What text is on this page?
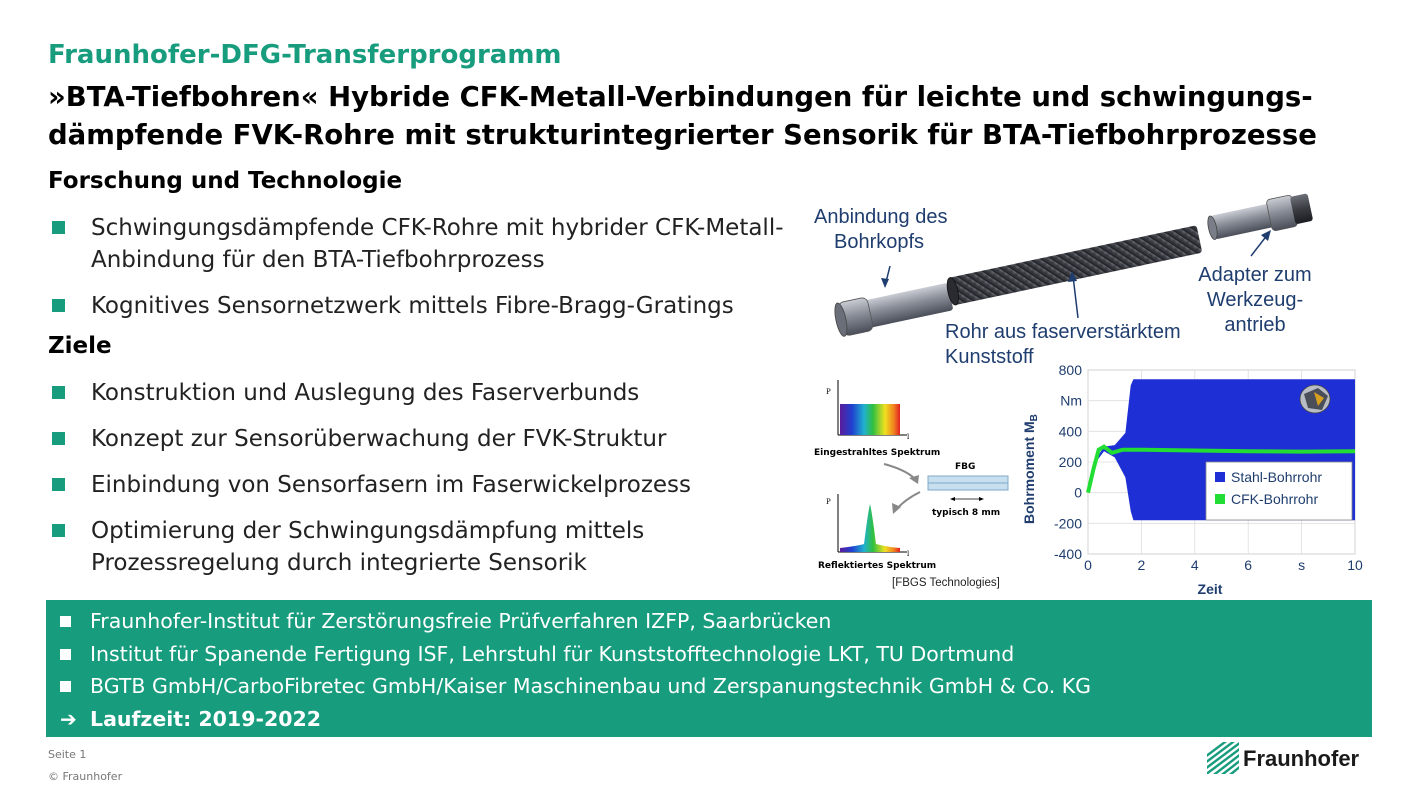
Fraunhofer-DFG-Transferprogramm
»BTA-Tiefbohren« Hybride CFK-Metall-Verbindungen für leichte und schwingungs-dämpfende FVK-Rohre mit strukturintegrierter Sensorik für BTA-Tiefbohrprozesse
Forschung und Technologie
Schwingungsdämpfende CFK-Rohre mit hybrider CFK-Metall-Anbindung für den BTA-Tiefbohrprozess
Kognitives Sensornetzwerk mittels Fibre-Bragg-Gratings
Ziele
Konstruktion und Auslegung des Faserverbunds
Konzept zur Sensorüberwachung der FVK-Struktur
Einbindung von Sensorfasern im Faserwickelprozess
Optimierung der Schwingungsdämpfung mittels Prozessregelung durch integrierte Sensorik
Anbindung des
Bohrkopfs
Rohr aus faserverstärktem
Kunststoff
Adapter zum
Werkzeug-
antrieb
P
l
Eingestrahltes Spektrum
FBG
typisch 8 mm
P
l
Reflektiertes Spektrum
[FBGS Technologies]
Bohrmoment $M_B$
800
Nm
400
200
0
-200
-400
0	2	4	6	s	10
Zeit
Stahl-Bohrrohr
CFK-Bohrrohr
Fraunhofer-Institut für Zerstörungsfreie Prüfverfahren IZFP, Saarbrücken
Institut für Spanende Fertigung ISF, Lehrstuhl für Kunststofftechnologie LKT, TU Dortmund
BGTB GmbH/CarboFibretec GmbH/Kaiser Maschinenbau und Zerspanungstechnik GmbH & Co. KG
➔ Laufzeit: 2019-2022
Seite 1
© Fraunhofer
Fraunhofer
